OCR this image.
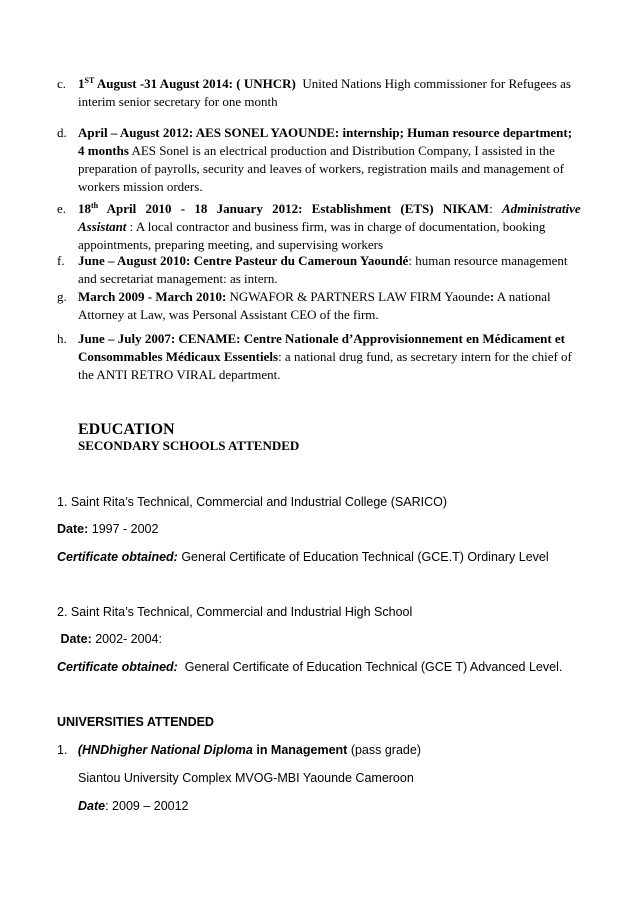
c. 1ST August -31 August 2014: ( UNHCR)  United Nations High commissioner for Refugees as
interim senior secretary for one month
d. April – August 2012: AES SONEL YAOUNDE: internship; Human resource department;
4 months AES Sonel is an electrical production and Distribution Company, I assisted in the
preparation of payrolls, security and leaves of workers, registration mails and management of
workers mission orders.
e. 18th April 2010 - 18 January 2012: Establishment (ETS) NIKAM: Administrative
Assistant : A local contractor and business firm, was in charge of documentation, booking
appointments, preparing meeting, and supervising workers
f.	June – August 2010: Centre Pasteur du Cameroun Yaoundé: human resource management
and secretariat management: as intern.
g. March 2009 - March 2010: NGWAFOR & PARTNERS LAW FIRM Yaounde: A national
Attorney at Law, was Personal Assistant CEO of the firm.
h. June – July 2007: CENAME: Centre Nationale d’Approvisionnement en Médicament et
Consommables Médicaux Essentiels: a national drug fund, as secretary intern for the chief of
the ANTI RETRO VIRAL department.
EDUCATION
SECONDARY SCHOOLS ATTENDED
1. Saint Rita’s Technical, Commercial and Industrial College (SARICO)
Date: 1997 - 2002
Certificate obtained: General Certificate of Education Technical (GCE.T) Ordinary Level
2. Saint Rita’s Technical, Commercial and Industrial High School
Date: 2002- 2004:
Certificate obtained:  General Certificate of Education Technical (GCE T) Advanced Level.
UNIVERSITIES ATTENDED
1. (HNDhigher National Diploma in Management (pass grade)
Siantou University Complex MVOG-MBI Yaounde Cameroon
Date: 2009 – 20012
